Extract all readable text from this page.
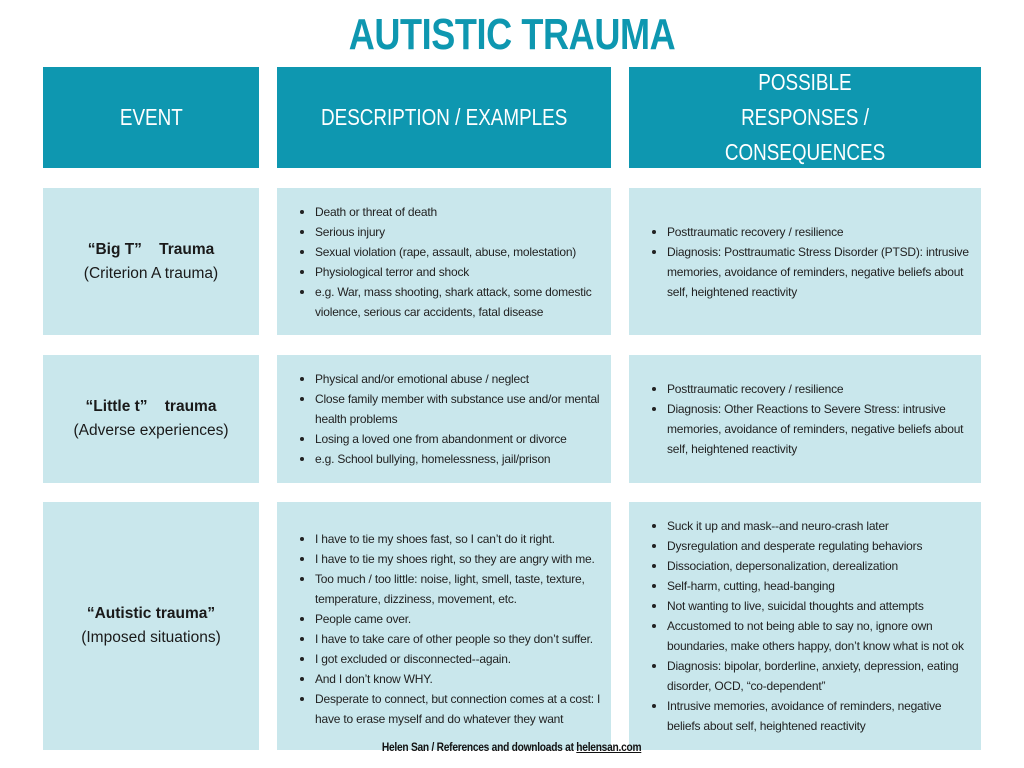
AUTISTIC TRAUMA
EVENT	DESCRIPTION / EXAMPLES
POSSIBLE
RESPONSES / CONSEQUENCES
“Big T”    Trauma
(Criterion A trauma)
Death or threat of death
Serious injury
Sexual violation (rape, assault, abuse, molestation)
Physiological terror and shock
e.g. War, mass shooting, shark attack, some domestic violence, serious car accidents, fatal disease
Posttraumatic recovery / resilience
Diagnosis: Posttraumatic Stress Disorder (PTSD): intrusive memories, avoidance of reminders, negative beliefs about self, heightened reactivity
“Little t”    trauma
(Adverse experiences)
Physical and/or emotional abuse / neglect
Close family member with substance use and/or mental health problems
Losing a loved one from abandonment or divorce
e.g. School bullying, homelessness, jail/prison
Posttraumatic recovery / resilience
Diagnosis: Other Reactions to Severe Stress: intrusive memories, avoidance of reminders, negative beliefs about self, heightened reactivity
“Autistic trauma”
(Imposed situations)
I have to tie my shoes fast, so I can’t do it right.
I have to tie my shoes right, so they are angry with me.
Too much / too little: noise, light, smell, taste, texture, temperature, dizziness, movement, etc.
People came over.
I have to take care of other people so they don’t suffer.
I got excluded or disconnected--again.
And I don’t know WHY.
Desperate to connect, but connection comes at a cost: I have to erase myself and do whatever they want
Suck it up and mask--and neuro-crash later
Dysregulation and desperate regulating behaviors
Dissociation, depersonalization, derealization
Self-harm, cutting, head-banging
Not wanting to live, suicidal thoughts and attempts
Accustomed to not being able to say no, ignore own boundaries, make others happy, don’t know what is not ok
Diagnosis: bipolar, borderline, anxiety, depression, eating disorder, OCD, “co-dependent”
Intrusive memories, avoidance of reminders, negative beliefs about self, heightened reactivity
Helen San / References and downloads at helensan.com
